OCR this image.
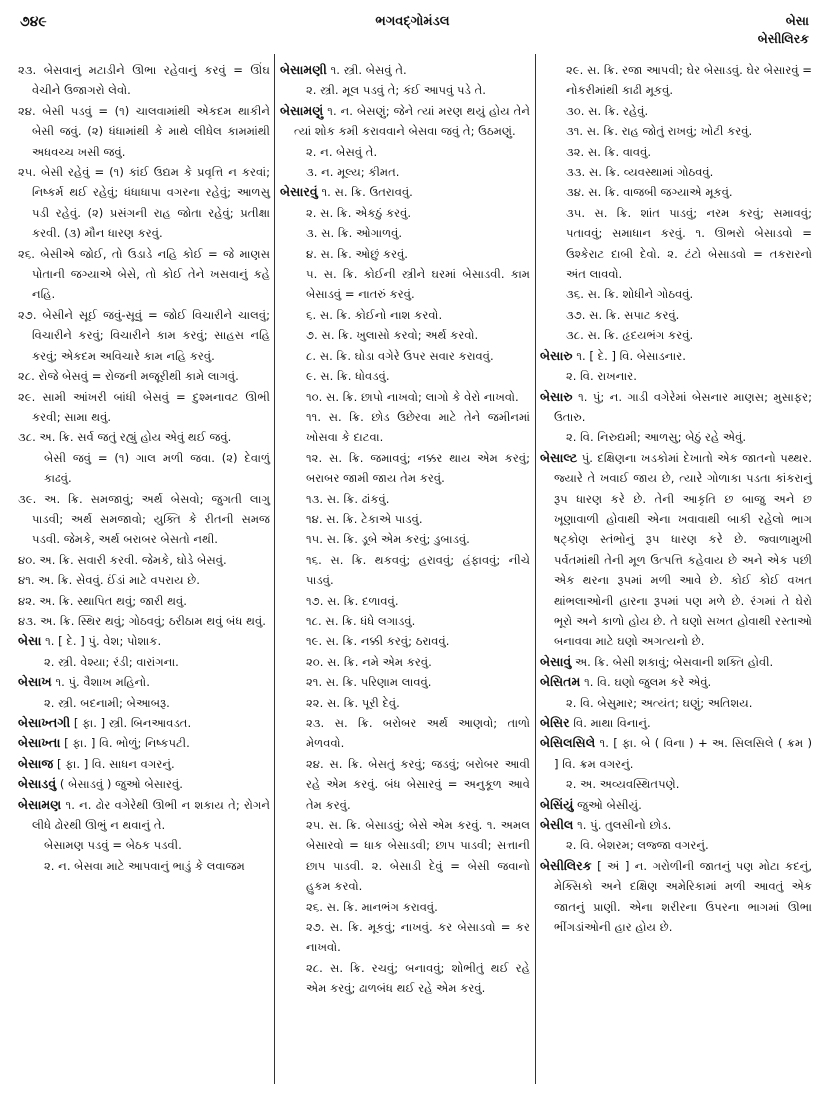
૭૪૯	ભગવદ્ગોમંડલ	બેસા
બેસીલિરક
૨૩. બેસવાનું મટાડીને ઊભા રહેવાનું કરવું = ઊંઘ વેચીને ઉજાગરો લેવો.
૨૪. બેસી પડવું = (૧) ચાલવામાંથી એકદમ થાકીને બેસી જવું. (૨) ધંધામાંથી કે માથે લીધેલ કામમાંથી અધવચ્ચ ખસી જવું.
૨૫. બેસી રહેવું = (૧) કાંઈ ઉદ્યમ કે પ્રવૃત્તિ ન કરવાં; નિષ્કર્મ થઈ રહેવું; ધંધાધાપા વગરના રહેવું; આળસુ પડી રહેવું. (૨) પ્રસંગની રાહ જોતા રહેવું; પ્રતીક્ષા કરવી. (૩) મૌન ધારણ કરવું.
૨૬. બેસીએ જોઈ, તો ઉડાડે નહિ કોઈ = જે માણસ પોતાની જગ્યાએ બેસે, તો કોઈ તેને ખસવાનું કહે નહિ.
૨૭. બેસીને સૂઈ જવું-સૂવું = જોઈ વિચારીને ચાલવું; વિચારીને કરવું; વિચારીને કામ કરવું; સાહસ નહિ કરવું; એકદમ અવિચારે કામ નહિ કરવું.
૨૮. રોજે બેસવું = રોજની મજૂરીથી કામે લાગવું.
૨૯. સામી આંખરી બાંધી બેસવું = દુશ્મનાવટ ઊભી કરવી; સામા થવું.
૩૮. અ. ક્રિ. સર્વ જતું રહ્યું હોય એવું થઈ જવું.
બેસી જવું = (૧) ગાલ મળી જવા. (૨) દેવાળું કાઢવું.
૩૯. અ. ક્રિ. સમજાવું; અર્થ બેસવો; જુગતી લાગુ પાડવી; અર્થ સમજાવો; યુક્તિ કે રીતની સમજ પડવી. જેમકે, અર્થ બરાબર બેસતો નથી.
૪૦. અ. ક્રિ. સવારી કરવી. જેમકે, ઘોડે બેસવું.
૪૧. અ. ક્રિ. સેવવું. ઈંડાં માટે વપરાય છે.
૪૨. અ. ક્રિ. સ્થાપિત થવું; જારી થવું.
૪૩. અ. ક્રિ. સ્થિર થવું; ગોઠવવું; ઠરીઠામ થવું બંધ થવું.
બેસા ૧. [ દે. ] પું. વેશ; પોશાક.
૨. સ્ત્રી. વેશ્યા; રંડી; વારાંગના.
બેસાખ ૧. પું. વૈશાખ મહિનો.
૨. સ્ત્રી. બદનામી; બેઆબરૂ.
બેસાખ્તગી [ ફા. ] સ્ત્રી. બિનઆવડત.
બેસાખ્તા [ ફા. ] વિ. ભોળું; નિષ્કપટી.
બેસાજ [ ફા. ] વિ. સાધન વગરનું.
બેસાડવું ( બેસાડવું ) જુઓ બેસારવું.
બેસામણ ૧. ન. ઢોર વગેરેથી ઊભી ન શકાય તે; રોગને લીધે ઢોરથી ઊભું ન થવાનું તે.
બેસામણ પડવું = બેઠક પડવી.
૨. ન. બેસવા માટે આપવાનું ભાડું કે લવાજમ
બેસામણી ૧. સ્ત્રી. બેસવું તે.
૨. સ્ત્રી. મૂલ પડવું તે; કંઈ આપવું પડે તે.
બેસામણું ૧. ન. બેસણું; જેને ત્યાં મરણ થયું હોય તેને ત્યાં શોક કમી કરાવવાને બેસવા જવું તે; ઉઠમણું.
૨. ન. બેસવું તે.
૩. ન. મૂલ્ય; કીમત.
બેસારવું ૧. સ. ક્રિ. ઉતરાવવું.
૨. સ. ક્રિ. એકઠું કરવું.
૩. સ. ક્રિ. ઓગાળવું.
૪. સ. ક્રિ. ઓછું કરવું.
૫. સ. ક્રિ. કોઈની સ્ત્રીને ઘરમાં બેસાડવી. કામ બેસાડવું = નાતરું કરવું.
૬. સ. ક્રિ. કોઈનો નાશ કરવો.
૭. સ. ક્રિ. ખુલાસો કરવો; અર્થ કરવો.
૮. સ. ક્રિ. ઘોડા વગેરે ઉપર સવાર કરાવવું.
૯. સ. ક્રિ. ધોવડવું.
૧૦. સ. ક્રિ. છાપો નાખવો; લાગો કે વેરો નાખવો.
૧૧. સ. ક્રિ. છોડ ઉછેરવા માટે તેને જમીનમાં ખોસવા કે દાટવા.
૧૨. સ. ક્રિ. જમાવવું; નક્કર થાય એમ કરવું; બરાબર જામી જાય તેમ કરવું.
૧૩. સ. ક્રિ. ઢાંકવું.
૧૪. સ. ક્રિ. ટેકાએ પાડવું.
૧૫. સ. ક્રિ. ડૂબે એમ કરવું; ડુબાડવું.
૧૬. સ. ક્રિ. થકવવું; હરાવવું; હંફાવવું; નીચે પાડવું.
૧૭. સ. ક્રિ. દળાવવું.
૧૮. સ. ક્રિ. ધંધે લગાડવું.
૧૯. સ. ક્રિ. નક્કી કરવું; ઠરાવવું.
૨૦. સ. ક્રિ. નમે એમ કરવું.
૨૧. સ. ક્રિ. પરિણામ લાવવું.
૨૨. સ. ક્રિ. પૂરી દેવું.
૨૩. સ. ક્રિ. બરોબર અર્થ આણવો; તાળો મેળવવો.
૨૪. સ. ક્રિ. બેસતું કરવું; જડવું; બરોબર આવી રહે એમ કરવું. બંધ બેસારવું = અનુકૂળ આવે તેમ કરવું.
૨૫. સ. ક્રિ. બેસાડવું; બેસે એમ કરવું. ૧. અમલ બેસારવો = ધાક બેસાડવી; છાપ પાડવી; સત્તાની છાપ પાડવી. ૨. બેસાડી દેવું = બેસી જવાનો હુકમ કરવો.
૨૬. સ. ક્રિ. માનભંગ કરાવવું.
૨૭. સ. ક્રિ. મૂકવું; નાખવું. કર બેસાડવો = કર નાખવો.
૨૮. સ. ક્રિ. રચવું; બનાવવું; શોભીતું થઈ રહે એમ કરવું; ઢાળબંધ થઈ રહે એમ કરવું.
૨૯. સ. ક્રિ. રજા આપવી; ઘેર બેસાડવું. ઘેર બેસારવું = નોકરીમાંથી કાઢી મૂકવું.
૩૦. સ. ક્રિ. રહેવું.
૩૧. સ. ક્રિ. રાહ જોતું રાખવું; ખોટી કરવું.
૩૨. સ. ક્રિ. વાવવું.
૩૩. સ. ક્રિ. વ્યવસ્થામાં ગોઠવવું.
૩૪. સ. ક્રિ. વાજબી જગ્યાએ મૂકવું.
૩૫. સ. ક્રિ. શાંત પાડવું; નરમ કરવું; સમાવવું; પતાવવું; સમાધાન કરવું. ૧. ઊભરો બેસાડવો = ઉશ્કેરાટ દાબી દેવો. ૨. ટંટો બેસાડવો = તકરારનો અંત લાવવો.
૩૬. સ. ક્રિ. શોધીને ગોઠવવું.
૩૭. સ. ક્રિ. સપાટ કરવું.
૩૮. સ. ક્રિ. હૃદયભંગ કરવું.
બેસારુ ૧. [ દે. ] વિ. બેસાડનાર.
૨. વિ. રાખનાર.
બેસારુ ૧. પું; ન. ગાડી વગેરેમાં બેસનાર માણસ; મુસાફર; ઉતારુ.
૨. વિ. નિરુદ્યમી; આળસુ; બેઠું રહે એવું.
બેસાલ્ટ પું. દક્ષિણના ખડકોમાં દેખાતો એક જાતનો પથ્થર. જ્યારે તે ખવાઈ જાય છે, ત્યારે ગોળાકા પડતા કાંકરાનું રૂપ ધારણ કરે છે. તેની આકૃતિ છ બાજુ અને છ ખૂણાવાળી હોવાથી એના ખવાવાથી બાકી રહેલો ભાગ ષટ્કોણ સ્તંભોનું રૂપ ધારણ કરે છે. જ્વાળામુખી પર્વતમાંથી તેની મૂળ ઉત્પત્તિ કહેવાય છે અને એક પછી એક થરના રૂપમાં મળી આવે છે. કોઈ કોઈ વખત થાંભલાઓની હારના રૂપમાં પણ મળે છે. રંગમાં તે ઘેરો ભૂરો અને કાળો હોય છે. તે ઘણો સખત હોવાથી રસ્તાઓ બનાવવા માટે ઘણો અગત્યનો છે.
બેસાવું અ. ક્રિ. બેસી શકાવું; બેસવાની શક્તિ હોવી.
બેસિતમ ૧. વિ. ઘણો જુલમ કરે એવું.
૨. વિ. બેસુમાર; અત્યંત; ઘણું; અતિશય.
બેસિર વિ. માથા વિનાનું.
બેસિલસિલે ૧. [ ફા. બે ( વિના ) + અ. સિલસિલે ( ક્રમ ) ] વિ. ક્રમ વગરનું.
૨. અ. અવ્યવસ્થિતપણે.
બેસિંયું જુઓ બેસીયું.
બેસીલ ૧. પું. તુલસીનો છોડ.
૨. વિ. બેશરમ; લજ્જા વગરનું.
બેસીલિરક [ અં ] ન. ગરોળીની જાતનું પણ મોટા કદનું, મેક્સિકો અને દક્ષિણ અમેરિકામાં મળી આવતું એક જાતનું પ્રાણી. એના શરીરના ઉપરના ભાગમાં ઊભા ભીંગડાંઓની હાર હોય છે.
